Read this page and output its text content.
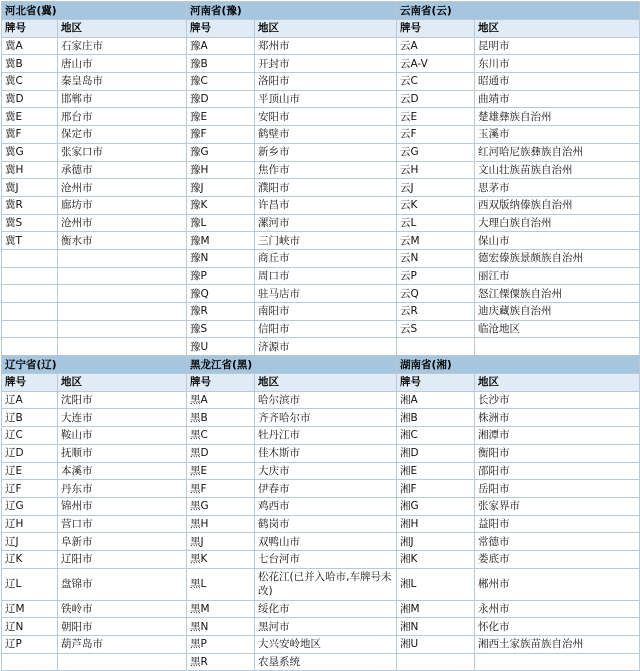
河北省(冀)		河南省(豫)		云南省(云)	
牌号	地区	牌号	地区	牌号	地区
冀A	石家庄市	豫A	郑州市	云A	昆明市
冀B	唐山市	豫B	开封市	云A-V	东川市
冀C	秦皇岛市	豫C	洛阳市	云C	昭通市
冀D	邯郸市	豫D	平顶山市	云D	曲靖市
冀E	邢台市	豫E	安阳市	云E	楚雄彝族自治州
冀F	保定市	豫F	鹤壁市	云F	玉溪市
冀G	张家口市	豫G	新乡市	云G	红河哈尼族彝族自治州
冀H	承德市	豫H	焦作市	云H	文山壮族苗族自治州
冀J	沧州市	豫J	濮阳市	云J	思茅市
冀R	廊坊市	豫K	许昌市	云K	西双版纳傣族自治州
冀S	沧州市	豫L	漯河市	云L	大理白族自治州
冀T	衡水市	豫M	三门峡市	云M	保山市
		豫N	商丘市	云N	德宏傣族景颇族自治州
		豫P	周口市	云P	丽江市
		豫Q	驻马店市	云Q	怒江傈僳族自治州
		豫R	南阳市	云R	迪庆藏族自治州
		豫S	信阳市	云S	临沧地区
		豫U	济源市		
辽宁省(辽)		黑龙江省(黑)		湖南省(湘)	
牌号	地区	牌号	地区	牌号	地区
辽A	沈阳市	黑A	哈尔滨市	湘A	长沙市
辽B	大连市	黑B	齐齐哈尔市	湘B	株洲市
辽C	鞍山市	黑C	牡丹江市	湘C	湘潭市
辽D	抚顺市	黑D	佳木斯市	湘D	衡阳市
辽E	本溪市	黑E	大庆市	湘E	邵阳市
辽F	丹东市	黑F	伊春市	湘F	岳阳市
辽G	锦州市	黑G	鸡西市	湘G	张家界市
辽H	营口市	黑H	鹤岗市	湘H	益阳市
辽J	阜新市	黑J	双鸭山市	湘J	常德市
辽K	辽阳市	黑K	七台河市	湘K	娄底市
辽L	盘锦市	黑L	松花江(已并入哈市,车牌号未改)	湘L	郴州市
辽M	铁岭市	黑M	绥化市	湘M	永州市
辽N	朝阳市	黑N	黑河市	湘N	怀化市
辽P	葫芦岛市	黑P	大兴安岭地区	湘U	湘西土家族苗族自治州
		黑R	农垦系统		
